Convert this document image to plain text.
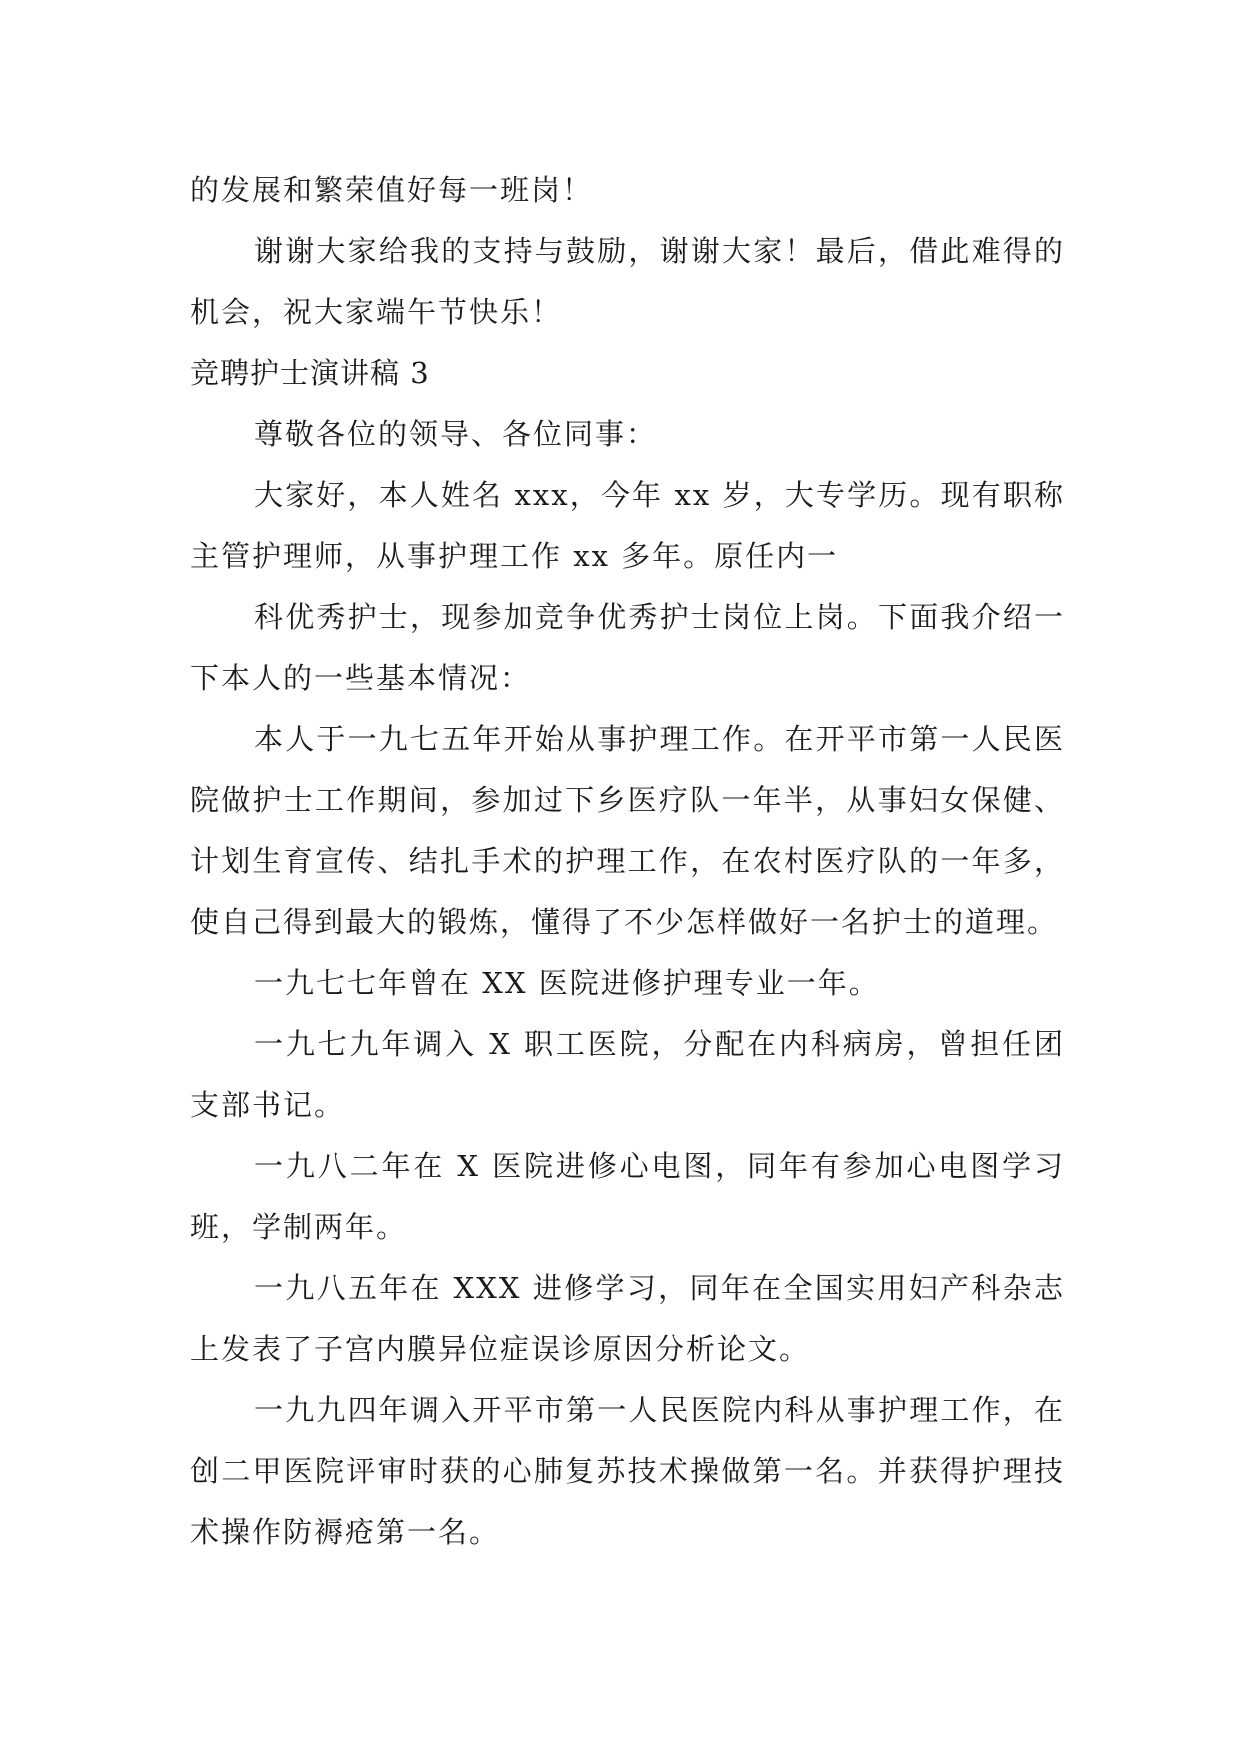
的发展和繁荣值好每一班岗！

谢谢大家给我的支持与鼓励，谢谢大家！最后，借此难得的机会，祝大家端午节快乐！

竞聘护士演讲稿 3

尊敬各位的领导、各位同事：

大家好，本人姓名 xxx，今年 xx 岁，大专学历。现有职称主管护理师，从事护理工作 xx 多年。原任内一

科优秀护士，现参加竞争优秀护士岗位上岗。下面我介绍一下本人的一些基本情况：

本人于一九七五年开始从事护理工作。在开平市第一人民医院做护士工作期间，参加过下乡医疗队一年半，从事妇女保健、计划生育宣传、结扎手术的护理工作，在农村医疗队的一年多，使自己得到最大的锻炼，懂得了不少怎样做好一名护士的道理。

一九七七年曾在 XX 医院进修护理专业一年。

一九七九年调入 X 职工医院，分配在内科病房，曾担任团支部书记。

一九八二年在 X 医院进修心电图，同年有参加心电图学习班，学制两年。

一九八五年在 XXX 进修学习，同年在全国实用妇产科杂志上发表了子宫内膜异位症误诊原因分析论文。

一九九四年调入开平市第一人民医院内科从事护理工作，在创二甲医院评审时获的心肺复苏技术操做第一名。并获得护理技术操作防褥疮第一名。
